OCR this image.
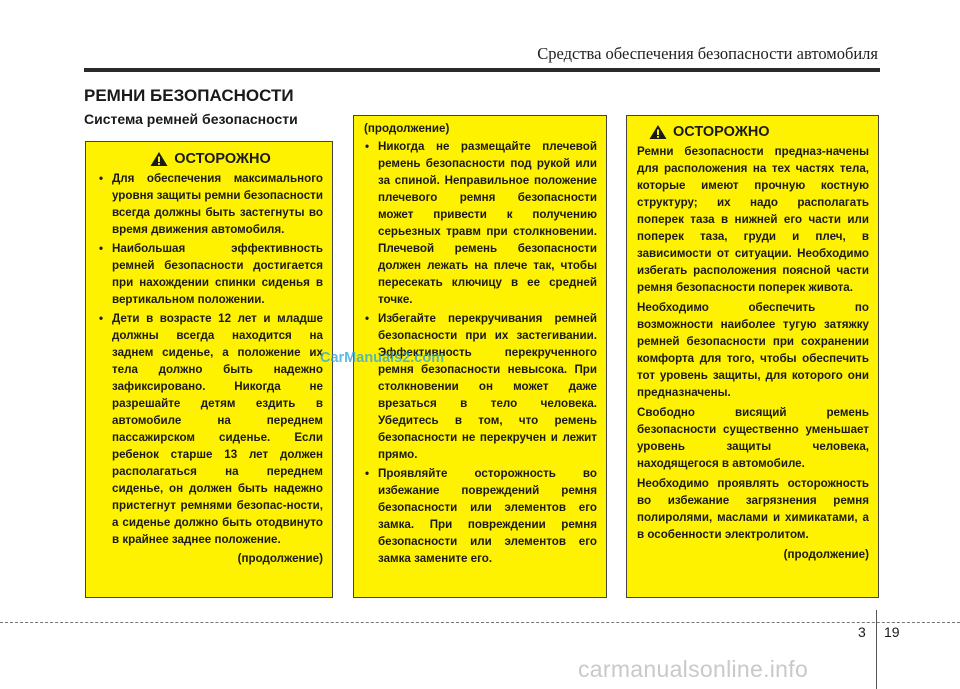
Средства обеспечения безопасности автомобиля
РЕМНИ БЕЗОПАСНОСТИ
Система ремней безопасности
ОСТОРОЖНО
• Для обеспечения максимального уровня защиты ремни безопасности всегда должны быть застегнуты во время движения автомобиля.
• Наибольшая эффективность ремней безопасности достигается при нахождении спинки сиденья в вертикальном положении.
• Дети в возрасте 12 лет и младше должны всегда находится на заднем сиденье, а положение их тела должно быть надежно зафиксировано. Никогда не разрешайте детям ездить в автомобиле на переднем пассажирском сиденье. Если ребенок старше 13 лет должен располагаться на переднем сиденье, он должен быть надежно пристегнут ремнями безопас-ности, а сиденье должно быть отодвинуто в крайнее заднее положение.
(продолжение)
(продолжение)
• Никогда не размещайте плечевой ремень безопасности под рукой или за спиной. Неправильное положение плечевого ремня безопасности может привести к получению серьезных травм при столкновении. Плечевой ремень безопасности должен лежать на плече так, чтобы пересекать ключицу в ее средней точке.
• Избегайте перекручивания ремней безопасности при их застегивании. Эффективность перекрученного ремня безопасности невысока. При столкновении он может даже врезаться в тело человека. Убедитесь в том, что ремень безопасности не перекручен и лежит прямо.
• Проявляйте осторожность во избежание повреждений ремня безопасности или элементов его замка. При повреждении ремня безопасности или элементов его замка замените его.
ОСТОРОЖНО
Ремни безопасности предназ-начены для расположения на тех частях тела, которые имеют прочную костную структуру; их надо располагать поперек таза в нижней его части или поперек таза, груди и плеч, в зависимости от ситуации. Необходимо избегать расположения поясной части ремня безопасности поперек живота.
Необходимо обеспечить по возможности наиболее тугую затяжку ремней безопасности при сохранении комфорта для того, чтобы обеспечить тот уровень защиты, для которого они предназначены.
Свободно висящий ремень безопасности существенно уменьшает уровень защиты человека, находящегося в автомобиле.
Необходимо проявлять осторожность во избежание загрязнения ремня полиролями, маслами и химикатами, а в особенности электролитом.
(продолжение)
CarManuals2.com
3 19
carmanualsonline.info
